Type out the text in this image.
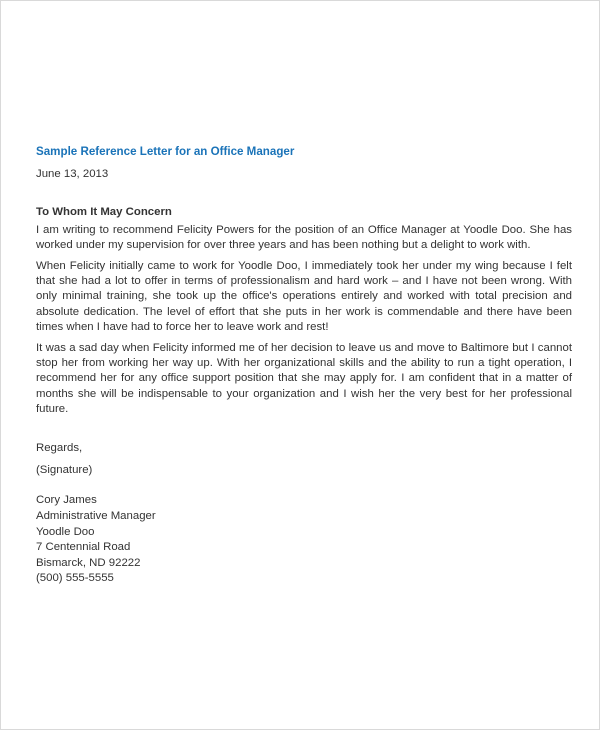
Sample Reference Letter for an Office Manager
June 13, 2013
To Whom It May Concern

I am writing to recommend Felicity Powers for the position of an Office Manager at Yoodle Doo. She has worked under my supervision for over three years and has been nothing but a delight to work with.

When Felicity initially came to work for Yoodle Doo, I immediately took her under my wing because I felt that she had a lot to offer in terms of professionalism and hard work – and I have not been wrong. With only minimal training, she took up the office's operations entirely and worked with total precision and absolute dedication. The level of effort that she puts in her work is commendable and there have been times when I have had to force her to leave work and rest!

It was a sad day when Felicity informed me of her decision to leave us and move to Baltimore but I cannot stop her from working her way up. With her organizational skills and the ability to run a tight operation, I recommend her for any office support position that she may apply for. I am confident that in a matter of months she will be indispensable to your organization and I wish her the very best for her professional future.

Regards,
(Signature)
Cory James
Administrative Manager
Yoodle Doo
7 Centennial Road
Bismarck, ND 92222
(500) 555-5555
